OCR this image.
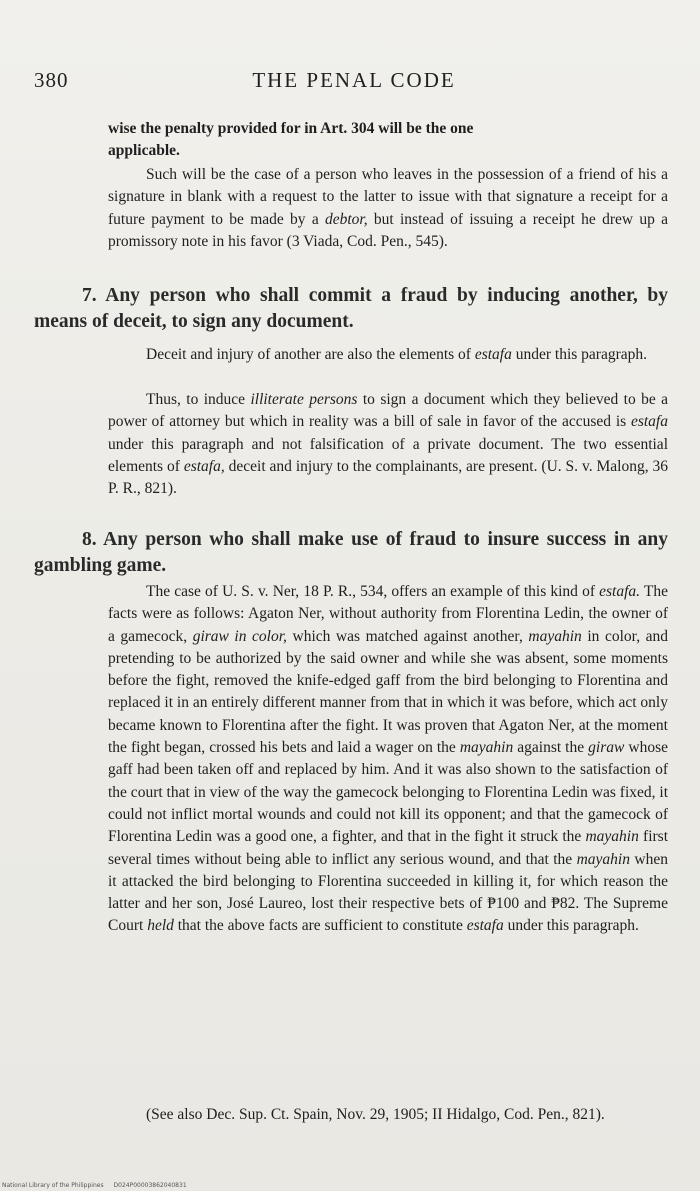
380	THE PENAL CODE

wise the penalty provided for in Art. 304 will be the one
applicable.

Such will be the case of a person who leaves in the possession of a friend of his a signature in blank with a request to the latter to issue with that signature a receipt for a future payment to be made by a debtor, but instead of issuing a receipt he drew up a promissory note in his favor (3 Viada, Cod. Pen., 545).

7. Any person who shall commit a fraud by inducing another, by means of deceit, to sign any document.

Deceit and injury of another are also the elements of estafa under this paragraph.

Thus, to induce illiterate persons to sign a document which they believed to be a power of attorney but which in reality was a bill of sale in favor of the accused is estafa under this paragraph and not falsification of a private document. The two essential elements of estafa, deceit and injury to the complainants, are present. (U. S. v. Malong, 36 P. R., 821).

8. Any person who shall make use of fraud to insure success in any gambling game.

The case of U. S. v. Ner, 18 P. R., 534, offers an example of this kind of estafa. The facts were as follows: Agaton Ner, without authority from Florentina Ledin, the owner of a gamecock, giraw in color, which was matched against another, mayahin in color, and pretending to be authorized by the said owner and while she was absent, some moments before the fight, removed the knife-edged gaff from the bird belonging to Florentina and replaced it in an entirely different manner from that in which it was before, which act only became known to Florentina after the fight. It was proven that Agaton Ner, at the moment the fight began, crossed his bets and laid a wager on the mayahin against the giraw whose gaff had been taken off and replaced by him. And it was also shown to the satisfaction of the court that in view of the way the gamecock belonging to Florentina Ledin was fixed, it could not inflict mortal wounds and could not kill its opponent; and that the gamecock of Florentina Ledin was a good one, a fighter, and that in the fight it struck the mayahin first several times without being able to inflict any serious wound, and that the mayahin when it attacked the bird belonging to Florentina succeeded in killing it, for which reason the latter and her son, José Laureo, lost their respective bets of ₱100 and ₱82. The Supreme Court held that the above facts are sufficient to constitute estafa under this paragraph.

(See also Dec. Sup. Ct. Spain, Nov. 29, 1905; II Hidalgo, Cod. Pen., 821).

National Library of the Philippines D024P00003862040831
